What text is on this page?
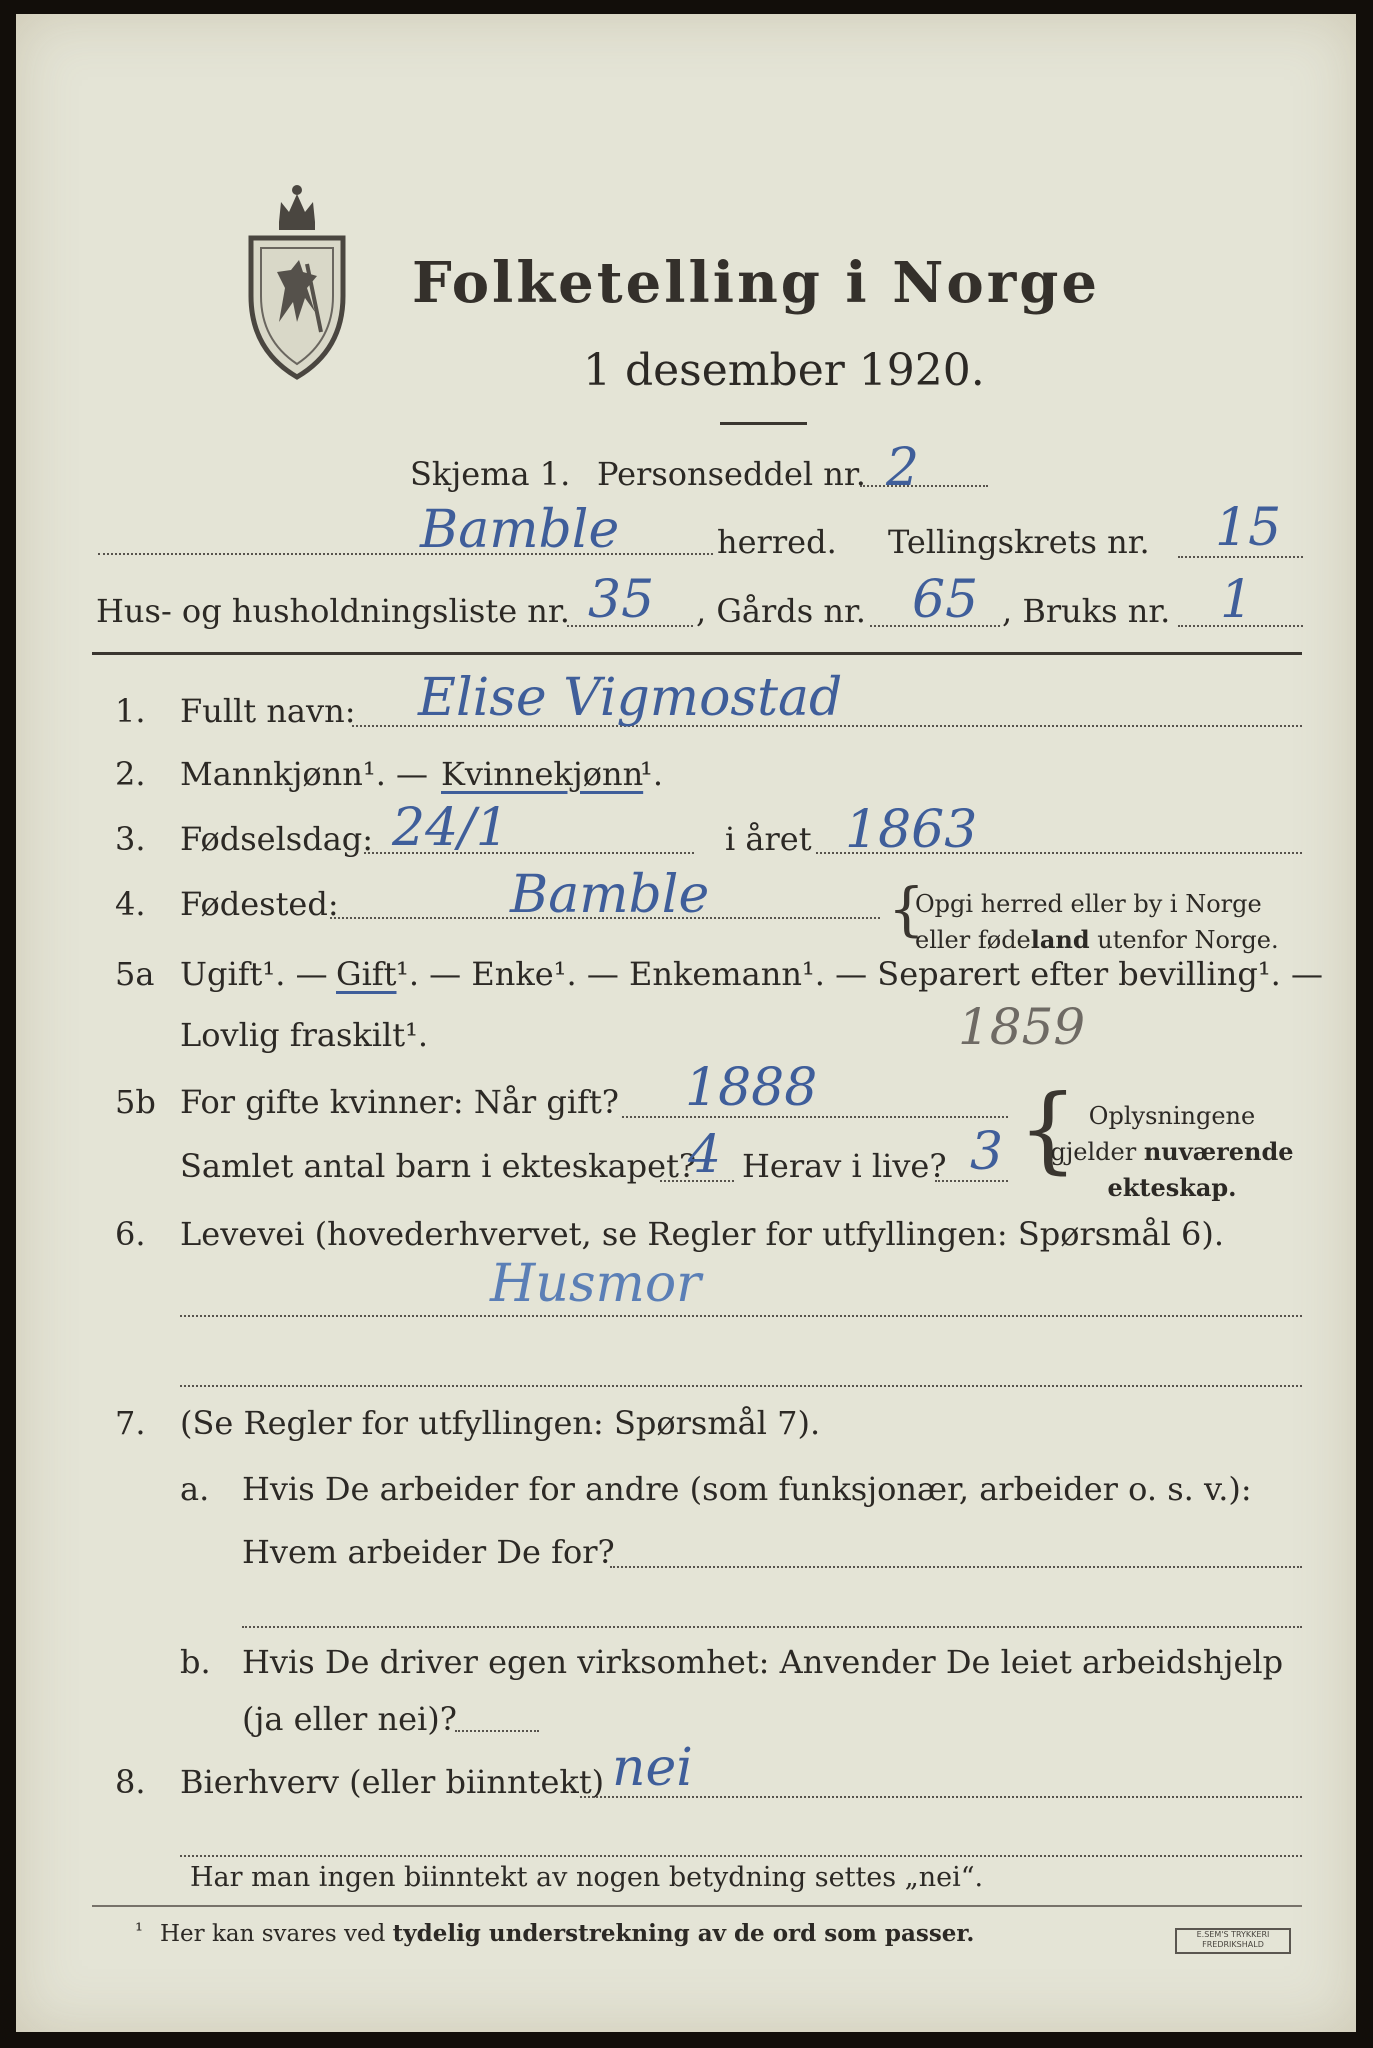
Folketelling i Norge
1 desember 1920.
Skjema 1. Personseddel nr. 2
Bamble	herred. Tellingskrets nr. 15
Hus- og husholdningsliste nr. 35 , Gårds nr. 65 , Bruks nr. 1
1. Fullt navn: Elise Vigmostad
2. Mannkjønn¹. — Kvinnekjønn
¹.
3. Fødselsdag: 24/1	i året 1863
4. Fødested:	Bamble	{
Opgi herred eller by i Norge
eller fødeland utenfor Norge.
5a Ugift¹. — Gift ¹. — Enke¹. — Enkemann¹. — Separert efter bevilling¹. —
Lovlig fraskilt¹.	1859
5b For gifte kvinner: Når gift? 1888
Samlet antal barn i ekteskapet?
4 Herav i live? 3 { Oplysningene
gjelder nuværende
ekteskap.
6. Levevei (hovederhvervet, se Regler for utfyllingen: Spørsmål 6).
Husmor
7. (Se Regler for utfyllingen: Spørsmål 7).
a. Hvis De arbeider for andre (som funksjonær, arbeider o. s. v.):
Hvem arbeider De for?
b. Hvis De driver egen virksomhet: Anvender De leiet arbeidshjelp
(ja eller nei)?
8. Bierhverv (eller biinntekt) nei
Har man ingen biinntekt av nogen betydning settes „nei“.
¹ Her kan svares ved tydelig understrekning av de ord som passer.	E.SEM'S TRYKKERI
FREDRIKSHALD
